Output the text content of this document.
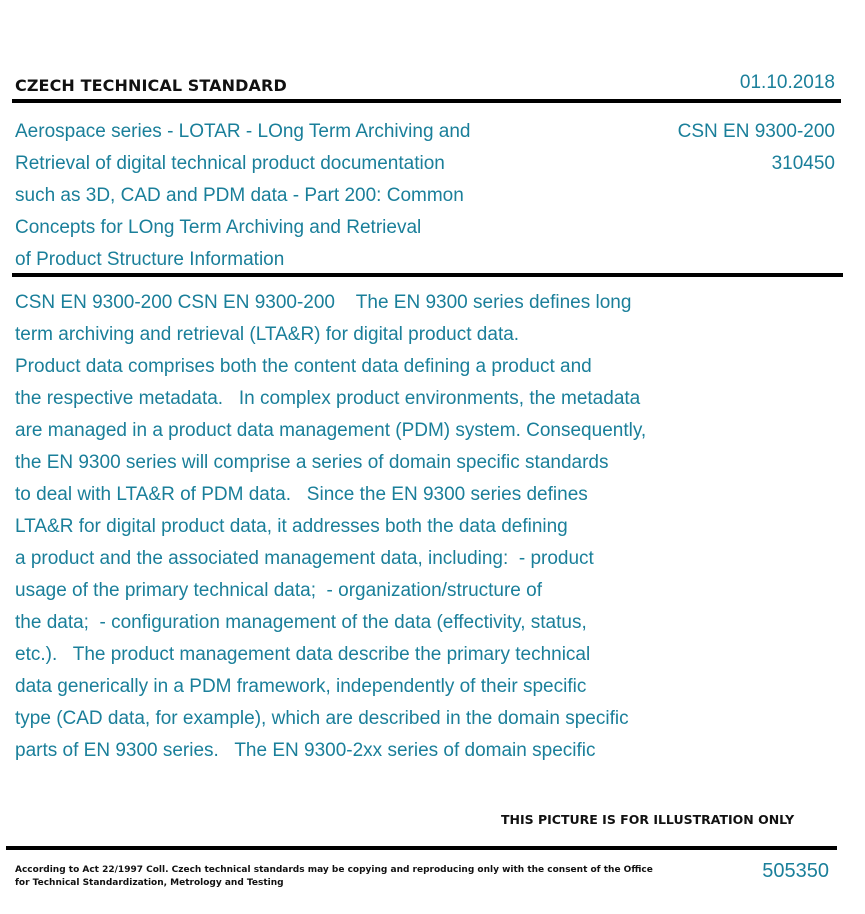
CZECH TECHNICAL STANDARD	01.10.2018
Aerospace series - LOTAR - LOng Term Archiving and
Retrieval of digital technical product documentation
such as 3D, CAD and PDM data - Part 200: Common
Concepts for LOng Term Archiving and Retrieval
of Product Structure Information
CSN EN 9300-200
310450
CSN EN 9300-200 CSN EN 9300-200    The EN 9300 series defines long
term archiving and retrieval (LTA&R) for digital product data.
Product data comprises both the content data defining a product and
the respective metadata.   In complex product environments, the metadata
are managed in a product data management (PDM) system. Consequently,
the EN 9300 series will comprise a series of domain specific standards
to deal with LTA&R of PDM data.   Since the EN 9300 series defines
LTA&R for digital product data, it addresses both the data defining
a product and the associated management data, including:  - product
usage of the primary technical data;  - organization/structure of
the data;  - configuration management of the data (effectivity, status,
etc.).   The product management data describe the primary technical
data generically in a PDM framework, independently of their specific
type (CAD data, for example), which are described in the domain specific
parts of EN 9300 series.   The EN 9300-2xx series of domain specific
THIS PICTURE IS FOR ILLUSTRATION ONLY
According to Act 22/1997 Coll. Czech technical standards may be copying and reproducing only with the consent of the Office
for Technical Standardization, Metrology and Testing
505350
